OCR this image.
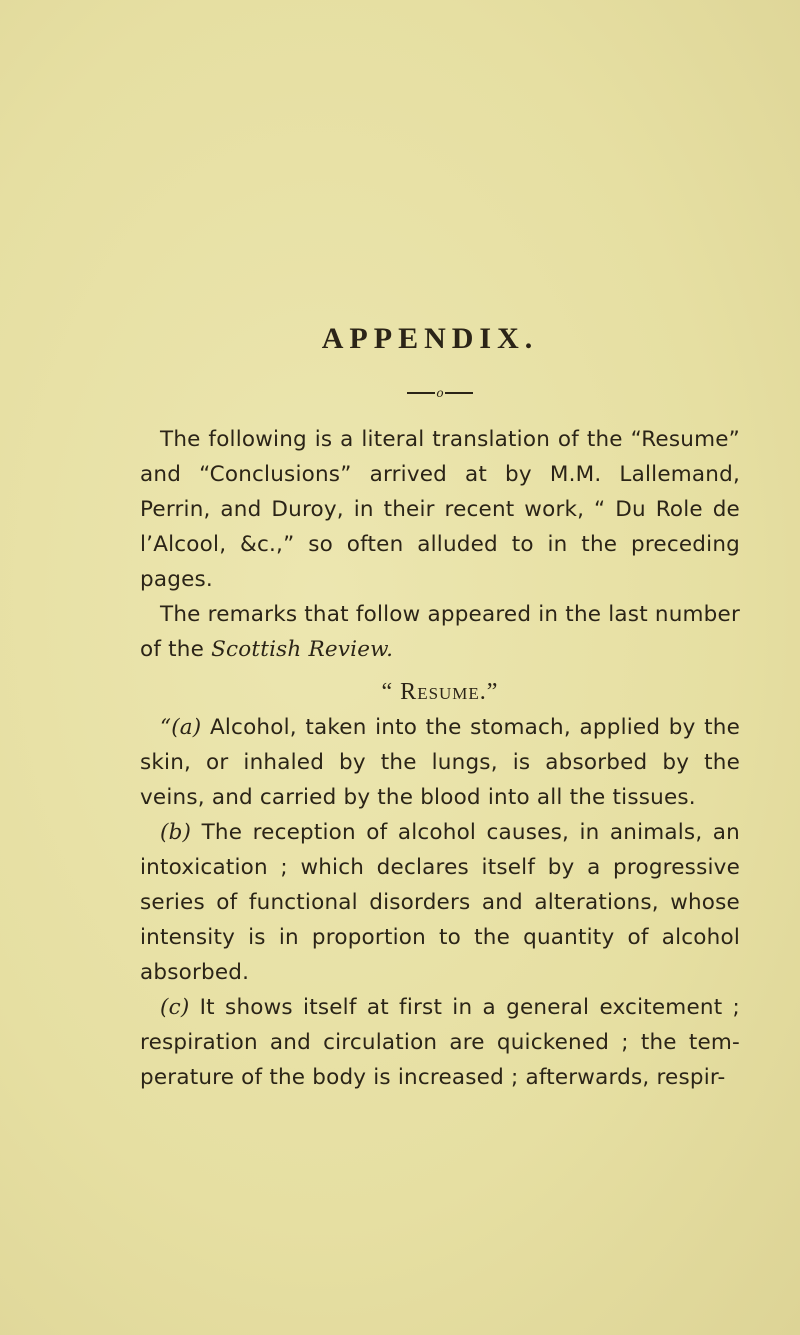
APPENDIX.
o

The following is a literal translation of the “Resume” and “Conclusions” arrived at by M.M. Lallemand, Perrin, and Duroy, in their recent work, “ Du Role de l’Alcool, &c.,” so often alluded to in the preceding pages.

The remarks that follow appeared in the last number of the Scottish Review.

“ Resume.”

“(a) Alcohol, taken into the stomach, applied by the skin, or inhaled by the lungs, is absorbed by the veins, and carried by the blood into all the tissues.

(b) The reception of alcohol causes, in animals, an intoxication ; which declares itself by a progressive series of functional disorders and alterations, whose intensity is in proportion to the quantity of alcohol absorbed.

(c) It shows itself at first in a general excitement ; respiration and circulation are quickened ; the tem- perature of the body is increased ; afterwards, respir-
